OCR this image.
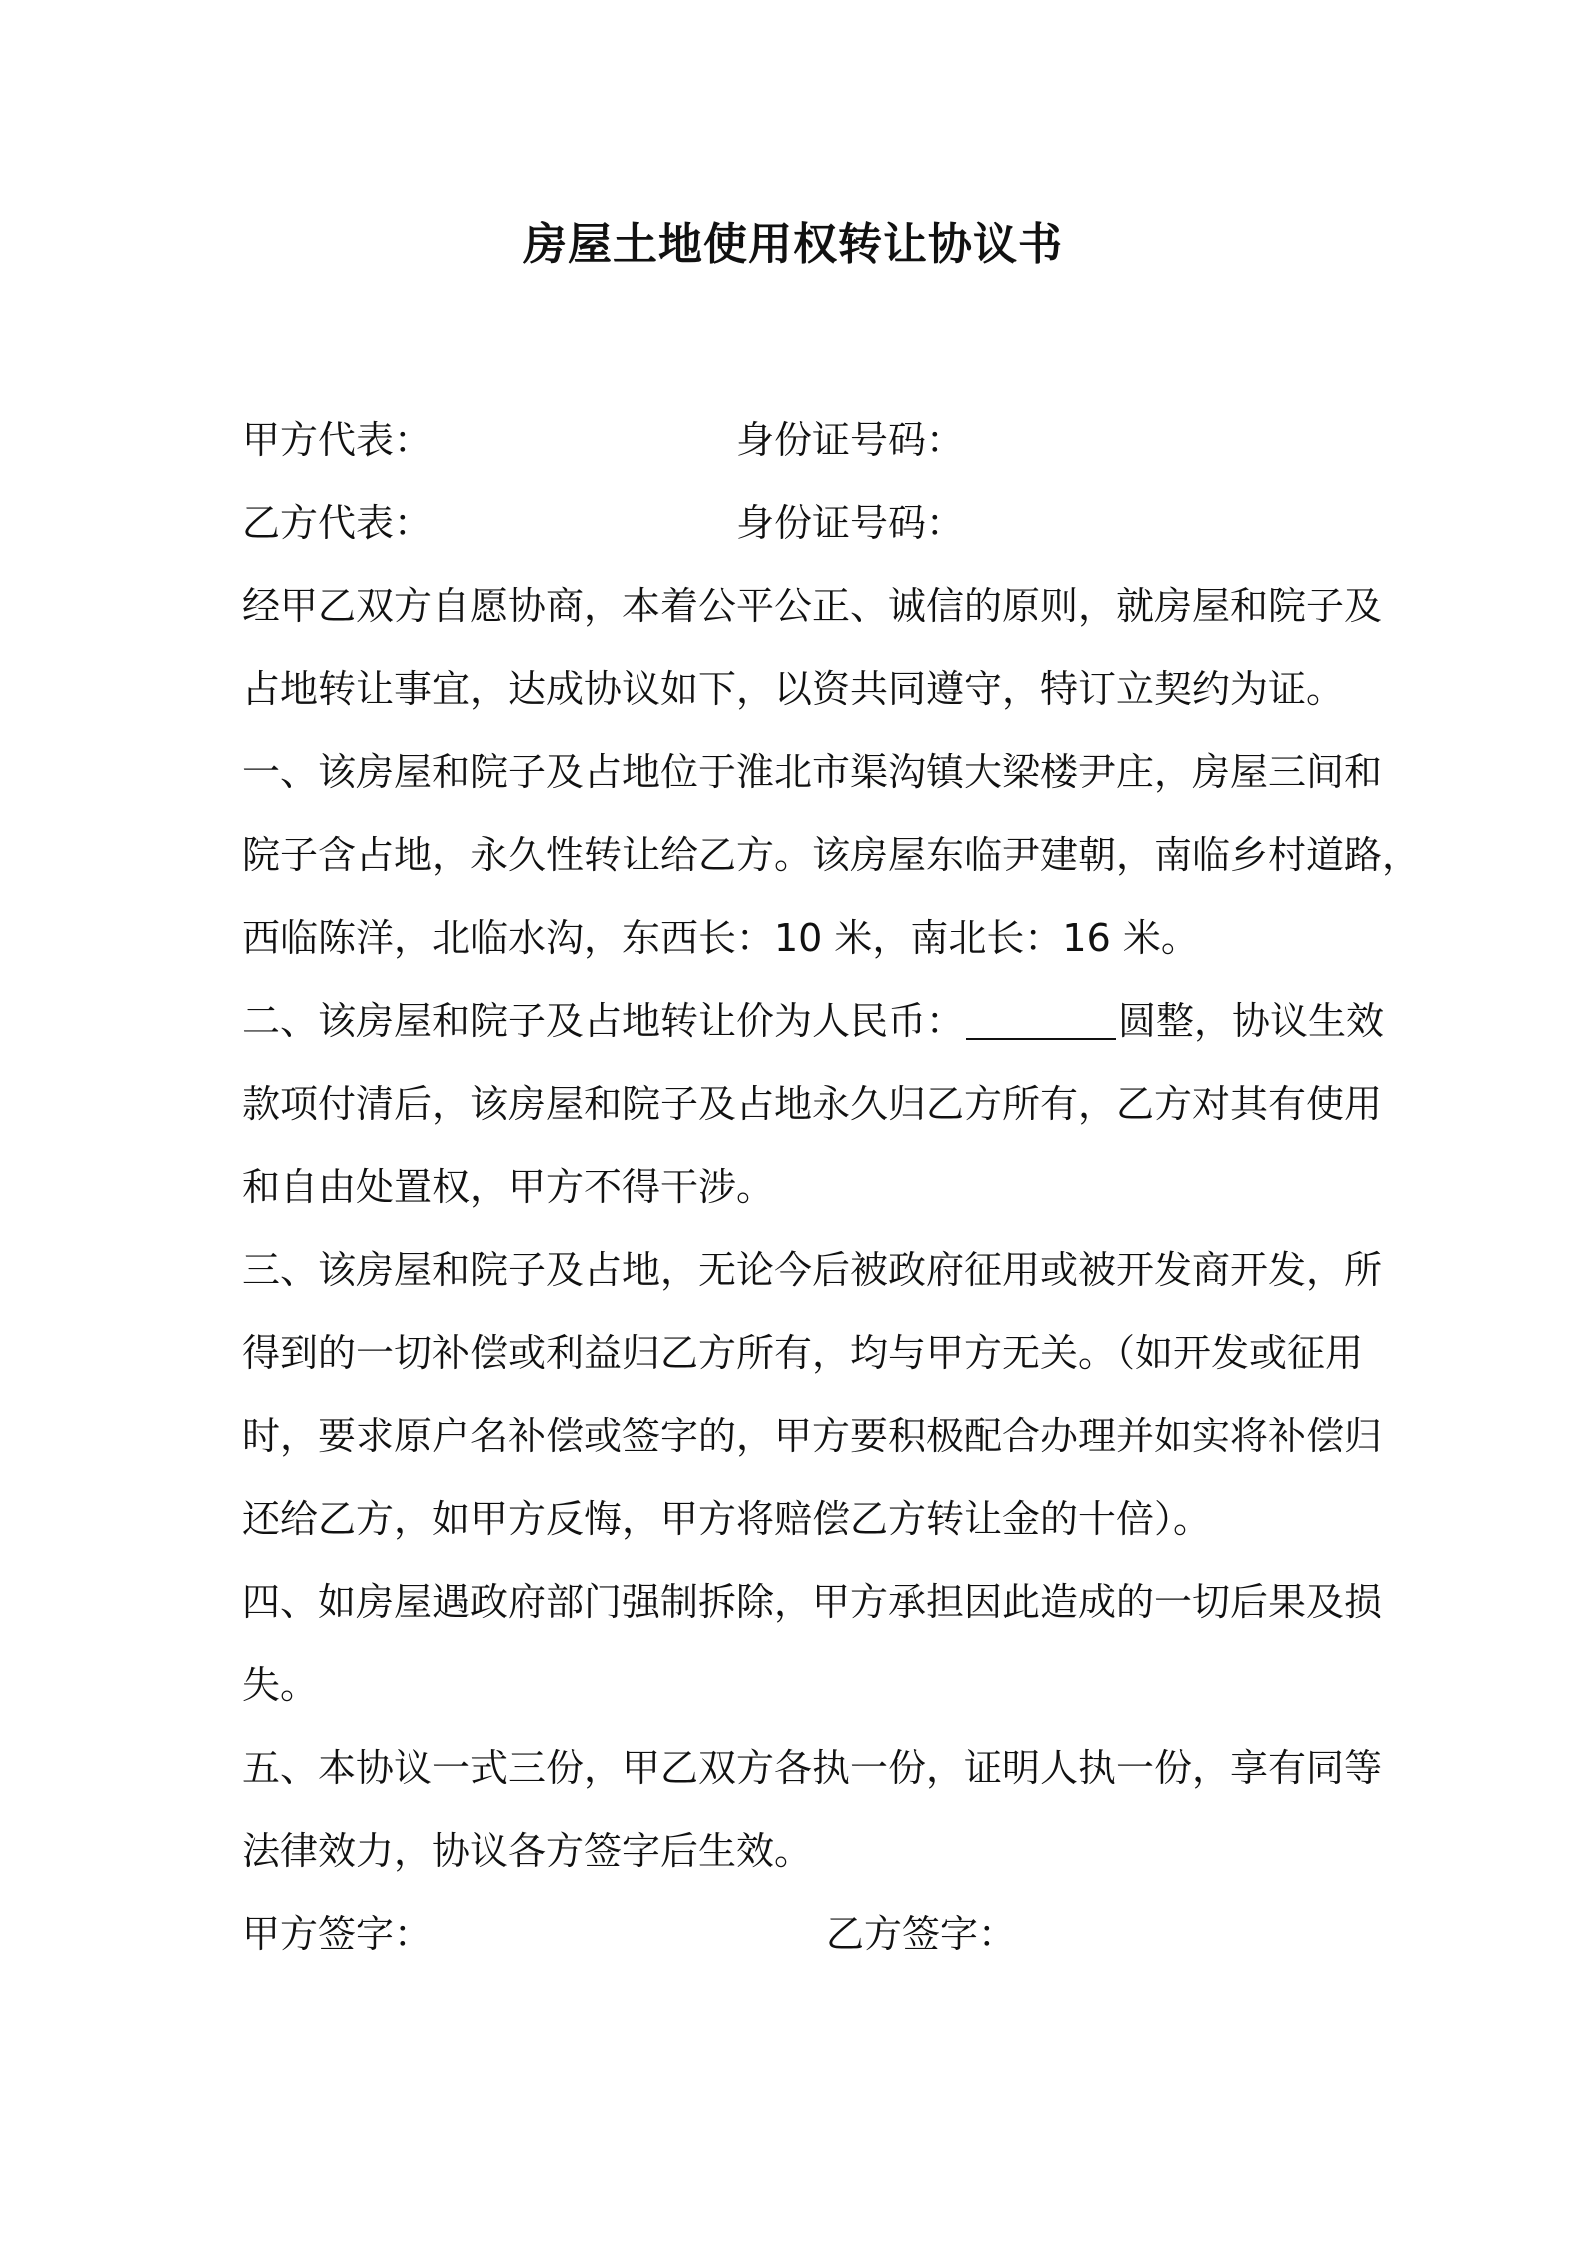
房屋土地使用权转让协议书
甲方代表：	身份证号码：
乙方代表：	身份证号码：
经甲乙双方自愿协商，本着公平公正、诚信的原则，就房屋和院子及
占地转让事宜，达成协议如下，以资共同遵守，特订立契约为证。
一、该房屋和院子及占地位于淮北市渠沟镇大梁楼尹庄，房屋三间和
院子含占地，永久性转让给乙方。该房屋东临尹建朝，南临乡村道路，
西临陈洋，北临水沟，东西长：10 米，南北长：16 米。
二、该房屋和院子及占地转让价为人民币：	圆整，协议生效
款项付清后，该房屋和院子及占地永久归乙方所有，乙方对其有使用
和自由处置权，甲方不得干涉。
三、该房屋和院子及占地，无论今后被政府征用或被开发商开发，所
得到的一切补偿或利益归乙方所有，均与甲方无关。（如开发或征用
时，要求原户名补偿或签字的，甲方要积极配合办理并如实将补偿归
还给乙方，如甲方反悔，甲方将赔偿乙方转让金的十倍）。
四、如房屋遇政府部门强制拆除，甲方承担因此造成的一切后果及损
失。
五、本协议一式三份，甲乙双方各执一份，证明人执一份，享有同等
法律效力，协议各方签字后生效。
甲方签字：	乙方签字：
